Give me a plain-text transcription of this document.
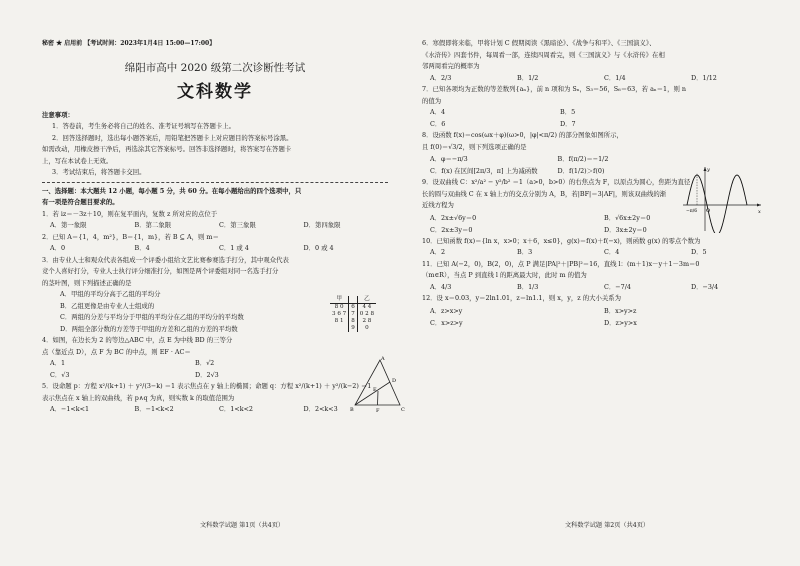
秘密 ★ 启用前 【考试时间：2023年1月4日 15:00—17:00】
绵阳市高中 2020 级第二次诊断性考试
文科数学
注意事项：
1．答卷前，考生务必将自己的姓名、准考证号填写在答题卡上。
2．回答选择题时，选出每小题答案后，用铅笔把答题卡上对应题目的答案标号涂黑。
如需改动，用橡皮擦干净后，再选涂其它答案标号。回答非选择题时，将答案写在答题卡
上，写在本试卷上无效。
3．考试结束后，将答题卡交回。
一、选择题：本大题共 12 小题，每小题 5 分，共 60 分。在每小题给出的四个选项中，只
有一项是符合题目要求的。
1．若 iz＝－3z＋10，则在复平面内，复数 z 所对应的点位于
A．第一象限	B．第二象限	C．第三象限	D．第四象限
2．已知 A＝{1，4，m²}，B＝{1，m}，若 B ⊆ A，则 m＝
A．0	B．4	C．1 或 4	D．0 或 4
3．由专业人士和观众代表各组成一个评委小组给文艺比赛参赛选手打分，其中观众代表
竞个人喜好打分，专业人士执行评分细准打分，如图是两个评委组对同一名选手打分
的茎叶图，则下列描述正确的是
A．甲组的平均分高于乙组的平均分
B．乙组更像是由专业人士组成的
C．两组的分差与平均分于甲组的平均分在乙组的平均分的平均数
D．两组全部分数的方差等于甲组的方差和乙组的方差的平均数
4．如图，在边长为 2 的等边△ABC 中，点 E 为中线 BD 的三等分
点（靠近点 D），点 F 为 BC 的中点，则 EF · AC＝
A．1	B．√2
C．√3	D．2√3
5．设命题 p：方程 x²/(k+1) ＋ y²/(3−k) ＝1 表示焦点在 y 轴上的椭圆；命题 q：方程 x²/(k+1) ＋ y²/(k−2) ＝1
表示焦点在 x 轴上的双曲线，若 p∧q 为真，则实数 k 的取值范围为
A．−1<k<1	B．−1<k<2	C．1<k<2	D．2<k<3
甲		乙
8 0	6	4 4
3 6 7	7	0 2 8
8 1	8	2 8
	9	0
A
D
E
B	F	C
6．寒假即将来临，甲将计划 C 假期阅读《黑暗论》、《战争与和平》、《三国演义》、
《水浒传》四套书件，每周看一部，连续四周看完，则《三国演义》与《水浒传》在相
邻两周看完的概率为
A．2/3	B．1/2	C．1/4	D．1/12
7．已知各项均为正数的等差数列{aₙ}，前 n 项和为 Sₙ，S₃＝56，S₆＝63，若 aₙ＝1，则 n
的值为
A．4	B．5
C．6	D．7
8．设函数 f(x)＝cos(ωx＋φ)(ω>0，|φ|<π/2) 的部分图象如图所示，
且 f(0)＝√3/2，则下列选项正确的是
A．φ＝−π/3	B．f(π/2)＝−1/2
C．f(x) 在区间[2π/3，π] 上为减函数	D．f(1/2)＞f(0)
9．设双曲线 C：x²/a² − y²/b² ＝1（a>0，b>0）的右焦点为 F，以原点为圆心，焦距为直径
长的圆与双曲线 C 在 x 轴上方的交点分别为 A，B，若|BF|＝3|AF|，则该双曲线的渐
近线方程为
A．2x±√6y＝0	B．√6x±2y＝0
C．2x±3y＝0	D．3x±2y＝0
10．已知函数 f(x)＝{ln x，x>0；x＋6，x≤0}，g(x)＝f(x)＋f(−x)，则函数 g(x) 的零点个数为
A．2	B．3	C．4	D．5
11．已知 A(−2，0)，B(2，0)，点 P 满足|PA|²＋|PB|²＝16，直线 l：(m＋1)x－y＋1－3m＝0
（m∈R），当点 P 到直线 l 的距离最大时，此时 m 的值为
A．4/3	B．1/3	C．−7/4	D．−3/4
12．设 x＝0.03，y＝2ln1.01，z＝ln1.1，则 x，y，z 的大小关系为
A．z>x>y	B．x>y>z
C．x>z>y	D．z>y>x
y
x
O
−π/6
文科数学试题 第1页（共4页）	文科数学试题 第2页（共4页）
